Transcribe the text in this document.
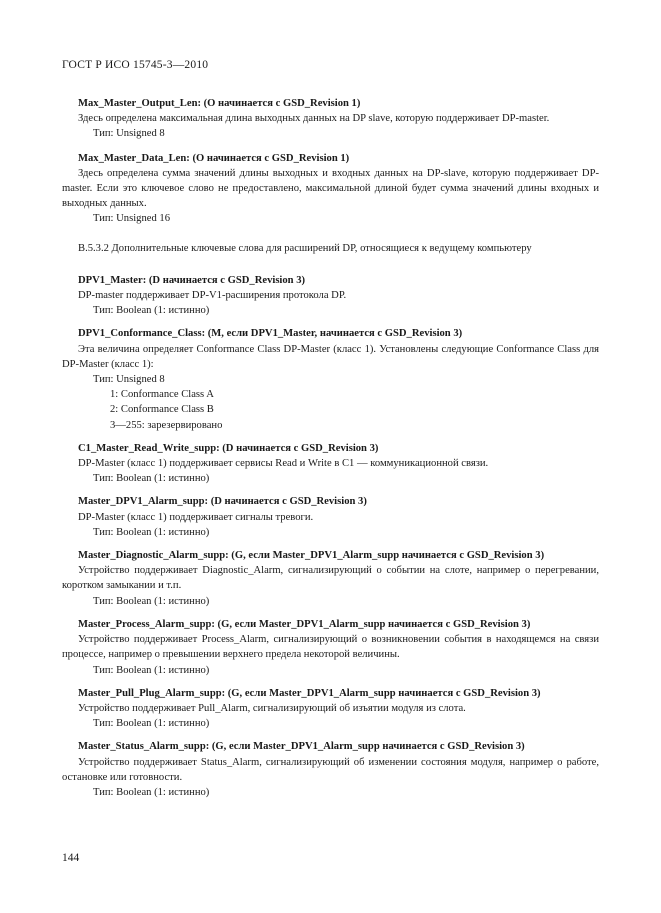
ГОСТ Р ИСО 15745-3—2010
Max_Master_Output_Len: (О начинается с GSD_Revision 1)
Здесь определена максимальная длина выходных данных на DP slave, которую поддерживает DP-master.
Тип: Unsigned 8
Max_Master_Data_Len: (О начинается с GSD_Revision 1)
Здесь определена сумма значений длины выходных и входных данных на DP-slave, которую поддерживает DP-master. Если это ключевое слово не предоставлено, максимальной длиной будет сумма значений длины входных и выходных данных.
Тип: Unsigned 16
B.5.3.2 Дополнительные ключевые слова для расширений DP, относящиеся к ведущему компьютеру
DPV1_Master: (D начинается с GSD_Revision 3)
DP-master поддерживает DP-V1-расширения протокола DP.
Тип: Boolean (1: истинно)
DPV1_Conformance_Class: (M, если DPV1_Master, начинается с GSD_Revision 3)
Эта величина определяет Conformance Class DP-Master (класс 1). Установлены следующие Conformance Class для DP-Master (класс 1):
Тип: Unsigned 8
1: Conformance Class A
2: Conformance Class B
3—255: зарезервировано
C1_Master_Read_Write_supp: (D начинается с GSD_Revision 3)
DP-Master (класс 1) поддерживает сервисы Read и Write в C1 — коммуникационной связи.
Тип: Boolean (1: истинно)
Master_DPV1_Alarm_supp: (D начинается с GSD_Revision 3)
DP-Master (класс 1) поддерживает сигналы тревоги.
Тип: Boolean (1: истинно)
Master_Diagnostic_Alarm_supp: (G, если Master_DPV1_Alarm_supp начинается с GSD_Revision 3)
Устройство поддерживает Diagnostic_Alarm, сигнализирующий о событии на слоте, например о перегревании, коротком замыкании и т.п.
Тип: Boolean (1: истинно)
Master_Process_Alarm_supp: (G, если Master_DPV1_Alarm_supp начинается с GSD_Revision 3)
Устройство поддерживает Process_Alarm, сигнализирующий о возникновении события в находящемся на связи процессе, например о превышении верхнего предела некоторой величины.
Тип: Boolean (1: истинно)
Master_Pull_Plug_Alarm_supp: (G, если Master_DPV1_Alarm_supp начинается с GSD_Revision 3)
Устройство поддерживает Pull_Alarm, сигнализирующий об изъятии модуля из слота.
Тип: Boolean (1: истинно)
Master_Status_Alarm_supp: (G, если Master_DPV1_Alarm_supp начинается с GSD_Revision 3)
Устройство поддерживает Status_Alarm, сигнализирующий об изменении состояния модуля, например о работе, остановке или готовности.
Тип: Boolean (1: истинно)
144
